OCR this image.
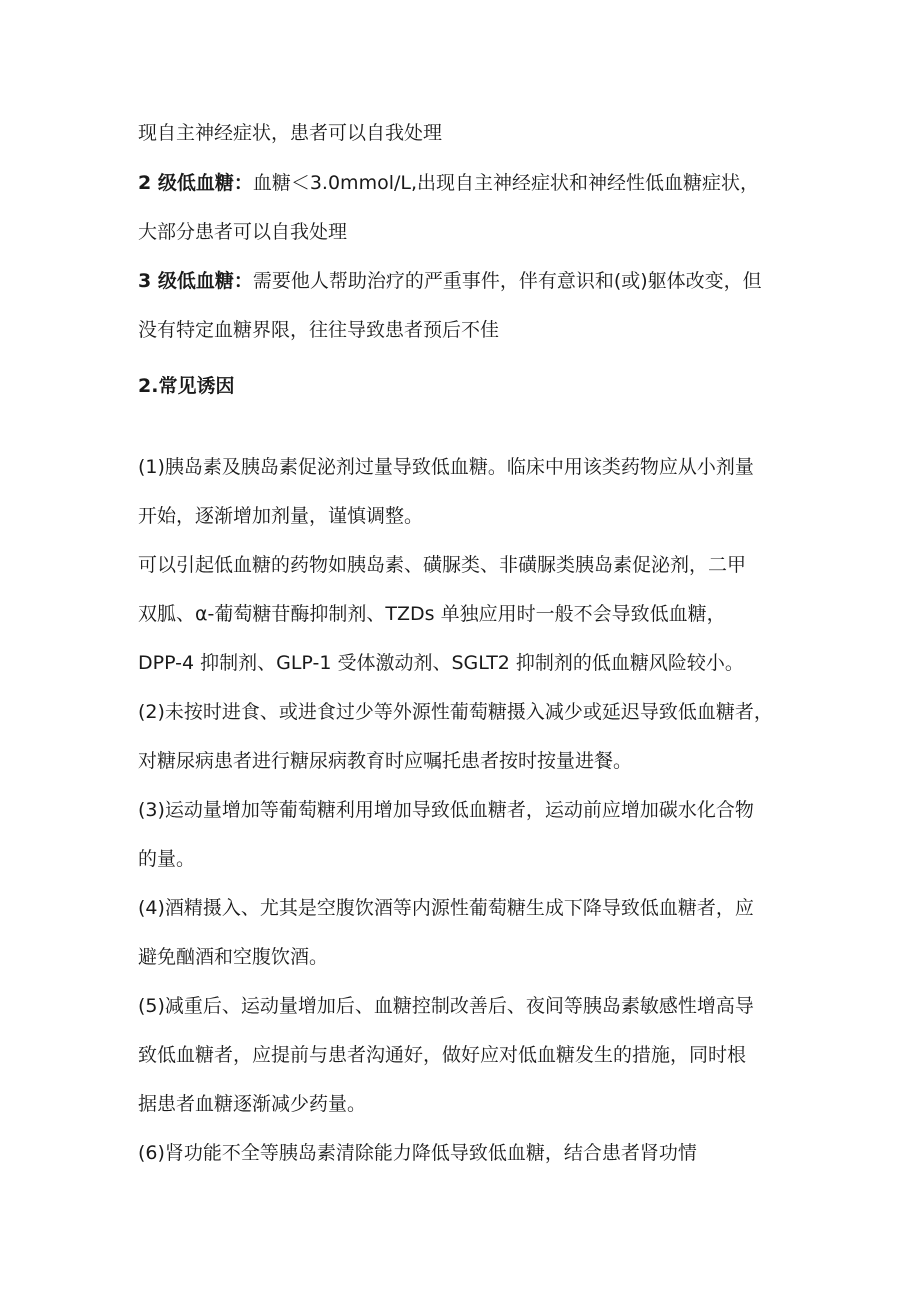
现自主神经症状，患者可以自我处理
2 级低血糖：血糖＜3.0mmol/L,出现自主神经症状和神经性低血糖症状，
大部分患者可以自我处理
3 级低血糖：需要他人帮助治疗的严重事件，伴有意识和(或)躯体改变，但
没有特定血糖界限，往往导致患者预后不佳
2.常见诱因
(1)胰岛素及胰岛素促泌剂过量导致低血糖。临床中用该类药物应从小剂量
开始，逐渐增加剂量，谨慎调整。
可以引起低血糖的药物如胰岛素、磺脲类、非磺脲类胰岛素促泌剂，二甲
双胍、α-葡萄糖苷酶抑制剂、TZDs 单独应用时一般不会导致低血糖，
DPP-4 抑制剂、GLP-1 受体激动剂、SGLT2 抑制剂的低血糖风险较小。
(2)未按时进食、或进食过少等外源性葡萄糖摄入减少或延迟导致低血糖者，
对糖尿病患者进行糖尿病教育时应嘱托患者按时按量进餐。
(3)运动量增加等葡萄糖利用增加导致低血糖者，运动前应增加碳水化合物
的量。
(4)酒精摄入、尤其是空腹饮酒等内源性葡萄糖生成下降导致低血糖者，应
避免酗酒和空腹饮酒。
(5)减重后、运动量增加后、血糖控制改善后、夜间等胰岛素敏感性增高导
致低血糖者，应提前与患者沟通好，做好应对低血糖发生的措施，同时根
据患者血糖逐渐减少药量。
(6)肾功能不全等胰岛素清除能力降低导致低血糖，结合患者肾功情
